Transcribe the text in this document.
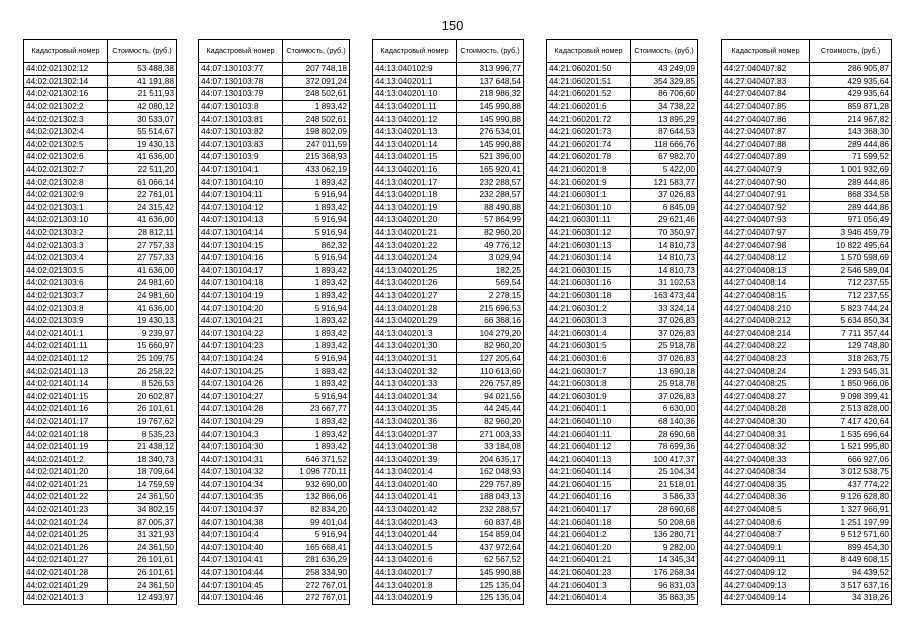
150
Кадастровый номер	Стоимость, (руб.)
44:02:021302:12	53 488,38
44:02:021302:14	41 191,88
44:02:021302:16	21 511,93
44:02:021302:2	42 080,12
44:02:021302:3	30 533,07
44:02:021302:4	55 514,67
44:02:021302:5	19 430,13
44:02:021302:6	41 636,00
44:02:021302:7	22 511,20
44:02:021302:8	61 066,14
44:02:021302:9	22 761,01
44:02:021303:1	24 315,42
44:02:021303:10	41 636,00
44:02:021303:2	28 812,11
44:02:021303:3	27 757,33
44:02:021303:4	27 757,33
44:02:021303:5	41 636,00
44:02:021303:6	24 981,60
44:02:021303:7	24 981,60
44:02:021303:8	41 636,00
44:02:021303:9	19 430,13
44:02:021401:1	9 239,97
44:02:021401:11	15 660,97
44:02:021401:12	25 109,75
44:02:021401:13	26 258,22
44:02:021401:14	8 526,53
44:02:021401:15	20 602,87
44:02:021401:16	26 101,61
44:02:021401:17	19 767,62
44:02:021401:18	8 535,23
44:02:021401:19	21 438,12
44:02:021401:2	18 340,73
44:02:021401:20	18 709,64
44:02:021401:21	14 759,59
44:02:021401:22	24 361,50
44:02:021401:23	34 802,15
44:02:021401:24	87 005,37
44:02:021401:25	31 321,93
44:02:021401:26	24 361,50
44:02:021401:27	26 101,61
44:02:021401:28	26 101,61
44:02:021401:29	24 361,50
44:02:021401:3	12 493,97
Кадастровый номер	Стоимость, (руб.)
44:07:130103:77	207 748,18
44:07:130103:78	372 091,24
44:07:130103:79	248 502,61
44:07:130103:8	1 893,42
44:07:130103:81	248 502,61
44:07:130103:82	198 802,09
44:07:130103:83	247 011,59
44:07:130103:9	215 368,93
44:07:130104:1	433 062,19
44:07:130104:10	1 893,42
44:07:130104:11	5 916,94
44:07:130104:12	1 893,42
44:07:130104:13	5 916,94
44:07:130104:14	5 916,94
44:07:130104:15	862,32
44:07:130104:16	5 916,94
44:07:130104:17	1 893,42
44:07:130104:18	1 893,42
44:07:130104:19	1 893,42
44:07:130104:20	5 916,94
44:07:130104:21	1 893,42
44:07:130104:22	1 893,42
44:07:130104:23	1 893,42
44:07:130104:24	5 916,94
44:07:130104:25	1 893,42
44:07:130104:26	1 893,42
44:07:130104:27	5 916,94
44:07:130104:28	23 667,77
44:07:130104:29	1 893,42
44:07:130104:3	1 893,42
44:07:130104:30	1 893,42
44:07:130104:31	646 371,52
44:07:130104:32	1 096 770,11
44:07:130104:34	932 690,00
44:07:130104:35	132 866,06
44:07:130104:37	82 834,20
44:07:130104:38	99 401,04
44:07:130104:4	5 916,94
44:07:130104:40	165 668,41
44:07:130104:41	281 636,29
44:07:130104:44	258 334,90
44:07:130104:45	272 767,01
44:07:130104:46	272 767,01
Кадастровый номер	Стоимость, (руб.)
44:13:040102:9	313 996,77
44:13:040201:1	137 648,54
44:13:040201:10	218 986,32
44:13:040201:11	145 990,88
44:13:040201:12	145 990,88
44:13:040201:13	276 534,01
44:13:040201:14	145 990,88
44:13:040201:15	521 396,00
44:13:040201:16	165 920,41
44:13:040201:17	232 288,57
44:13:040201:18	232 288,57
44:13:040201:19	88 490,88
44:13:040201:20	57 864,99
44:13:040201:21	82 960,20
44:13:040201:22	49 776,12
44:13:040201:24	3 029,94
44:13:040201:25	182,25
44:13:040201:26	569,54
44:13:040201:27	2 278,15
44:13:040201:28	215 696,53
44:13:040201:29	66 368,16
44:13:040201:3	104 279,20
44:13:040201:30	82 960,20
44:13:040201:31	127 205,64
44:13:040201:32	110 613,60
44:13:040201:33	226 757,89
44:13:040201:34	94 021,56
44:13:040201:35	44 245,44
44:13:040201:36	82 960,20
44:13:040201:37	271 003,33
44:13:040201:38	33 184,08
44:13:040201:39	204 635,17
44:13:040201:4	162 048,93
44:13:040201:40	229 757,89
44:13:040201:41	188 043,13
44:13:040201:42	232 288,57
44:13:040201:43	60 837,48
44:13:040201:44	154 859,04
44:13:040201:5	437 972,64
44:13:040201:6	62 567,52
44:13:040201:7	145 990,88
44:13:040201:8	125 135,04
44:13:040201:9	125 135,04
Кадастровый номер	Стоимость, (руб.)
44:21:060201:50	43 249,09
44:21:060201:51	354 329,85
44:21:060201:52	86 706,60
44:21:060201:6	34 738,22
44:21:060201:72	13 895,29
44:21:060201:73	87 644,53
44:21:060201:74	118 666,76
44:21:060201:78	67 982,70
44:21:060201:8	5 422,00
44:21:060201:9	121 583,77
44:21:060301:1	37 026,83
44:21:060301:10	6 845,09
44:21:060301:11	29 621,46
44:21:060301:12	70 350,97
44:21:060301:13	14 810,73
44:21:060301:14	14 810,73
44:21:060301:15	14 810,73
44:21:060301:16	31 102,53
44:21:060301:18	163 473,44
44:21:060301:2	33 324,14
44:21:060301:3	37 026,83
44:21:060301:4	37 026,83
44:21:060301:5	25 918,78
44:21:060301:6	37 026,83
44:21:060301:7	13 690,18
44:21:060301:8	25 918,78
44:21:060301:9	37 026,83
44:21:060401:1	6 630,00
44:21:060401:10	68 140,36
44:21:060401:11	28 690,68
44:21:060401:12	78 699,36
44:21:060401:13	100 417,37
44:21:060401:14	25 104,34
44:21:060401:15	21 518,01
44:21:060401:16	3 586,33
44:21:060401:17	28 690,68
44:21:060401:18	50 208,68
44:21:060401:2	136 280,71
44:21:060401:20	9 282,00
44:21:060401:21	14 345,34
44:21:060401:23	176 268,34
44:21:060401:3	96 831,03
44:21:060401:4	35 863,35
Кадастровый номер	Стоимость, (руб.)
44:27:040407:82	286 905,87
44:27:040407:83	429 935,64
44:27:040407:84	429 935,64
44:27:040407:85	859 871,28
44:27:040407:86	214 967,82
44:27:040407:87	143 368,30
44:27:040407:88	289 444,86
44:27:040407:89	71 599,52
44:27:040407:9	1 001 932,69
44:27:040407:90	289 444,86
44:27:040407:91	868 334,58
44:27:040407:92	289 444,86
44:27:040407:93	971 056,49
44:27:040407:97	3 946 459,79
44:27:040407:98	10 822 495,64
44:27:040408:12	1 570 598,69
44:27:040408:13	2 546 589,04
44:27:040408:14	712 237,55
44:27:040408:15	712 237,55
44:27:040408:210	5 823 744,24
44:27:040408:212	5 634 850,34
44:27:040408:214	7 711 357,44
44:27:040408:22	129 748,80
44:27:040408:23	318 263,75
44:27:040408:24	1 293 545,31
44:27:040408:25	1 850 966,06
44:27:040408:27	9 098 399,41
44:27:040408:28	2 513 828,00
44:27:040408:30	7 417 420,64
44:27:040408:31	1 535 696,64
44:27:040408:32	1 521 995,80
44:27:040408:33	666 927,06
44:27:040408:34	3 012 538,75
44:27:040408:35	437 774,22
44:27:040408:36	9 126 628,80
44:27:040408:5	1 327 966,91
44:27:040408:6	1 251 197,99
44:27:040408:7	9 512 571,60
44:27:040409:1	899 454,30
44:27:040409:11	8 449 608,15
44:27:040409:12	94 439,52
44:27:040409:13	3 517 637,16
44:27:040409:14	34 318,26
